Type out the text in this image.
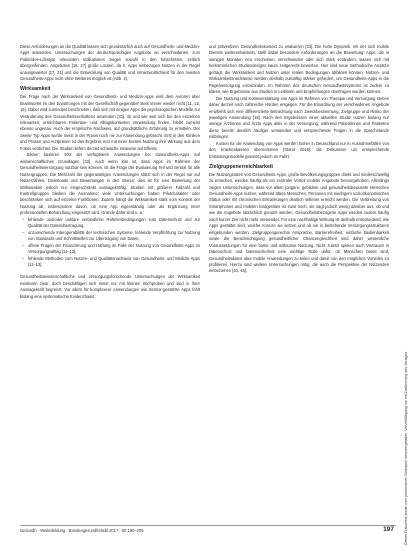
Diese Anforderungen an die Qualität lassen sich grundsätzlich auch auf Gesundheits- und Medizin-Apps anwenden. Untersuchungen der deutschsprachigen Angebote an verschiedenen, zum Publicidee-Lifestyle relevanten Indikationen zeigen sowohl in den fortschritten, zeitlich übergreifenden, Angeboten [16, 27] große Lücken, da h. Apps einbezogen Nutzen in der Regel unausgewertet [17, 31] und die Entwicklung von Qualität und Verantwortlichkeit für den meisten Gesundheits-Apps nicht ohne Weiteres möglich ist (Abb. 2).

Wirksamkeit

Der Frage nach der Wirksamkeit von Gesundheits- und Medizin-Apps wird dem Autoren aber beantwortet im den Erwartungen mit der Gesellschaft gegenüber stets immer wieder nicht [11, 12, 15]. Dabei wird zumindest beschrieben, daß sich mit einigen Apps die psychologischen Modelle zur Veränderung des Gesundheitsverhaltens anwenden [33], ob und wie weit sich bei den einzelnen relevanten, erreichbaren Patienten- und Alltagskontexten Verwendung finden, bleibt zumeist ebenso ungenau. Auch der empirische Nachweis, auf grundsätzliche Erfahrung zu ermitteln. Der zweite Typ Apps wurde meist in der Praxis noch nie zur Anwendung gebracht. Erst in den Kliniken und Praxen und Arztpraxen ist das Ergebnis erst mit einer breiten Nutzung ihre Wirkung aus dem Fokus verdichtet. Die Studien liefern derzeit schwache Hinweise auf Effekte.

Bisher basieren 503 der verfügbaren Anwendungen bei Gesundheits-Apps auf wissenschaftlichen Grundlagen [33]. Auch wenn klar ist, dass Apps im Rahmen der Gesundheitsversorgung nutzbar sein können, ist die Frage der Evaluierung Teil und zentral für alle Nutzergruppen. Die Mehrzahl der gegenwärtigen Anwendungen stützt sich in der Regel nur auf Nutzerzahlen, Downloads und Bewertungen in den Stores; dies ist für eine Bewertung der Wirksamkeit jedoch nur eingeschränkt aussagekräftig. Studien mit größerer Fallzahl und Kontrollgruppen bleiben die Ausnahme; viele Untersuchungen haben Pilotcharakter oder beschränken sich auf einzelne Funktionen. Zudem hängt die Wirksamkeit stark vom Kontext der Nutzung ab, insbesondere davon, ob eine App eigenständig oder als Ergänzung einer professionellen Behandlung eingesetzt wird. Gründe dafür sind u. a.:

– fehlende und/oder unklare verbindliche Rahmenbedingungen zum Datenschutz und zur Qualität der Datenübertragung,
– unzureichende Interoperabilität der technischen Systeme, fehlende Verpflichtung zur Nutzung von Standards und Schnittstellen zur Übertragung von Daten,
– offene Fragen der Finanzierung und Haftung im Falle der Nutzung von Gesundheits-Apps im Versorgungsalltag [11–13],
– fehlende Methoden zum Nutzen- und Qualitätsnachweis von Gesundheits- und Medizin-Apps [11–13].

Gesundheitswissenschaftliche und versorgungsforschende Untersuchungen der Wirksamkeit existieren zwar, doch beschäftigen sich meist nur mit kleinen Stichproben und sind in ihrer Aussagekraft begrenzt. Vor allem für komplexere Anwendungen wie Sensor-gestützte Apps fehlt bislang eine systematische Evidenzbasis.

und präventiven Gesundheitskontext zu evaluieren [33]. Die hohe Dynamik, mit der sich mobile Dienste weiterentwickeln, stellt dabei besondere Anforderungen an die Bewertung: Apps, die in wenigen Monaten neu erscheinen, verschwinden oder sich stark verändern, lassen sich mit herkömmlichen Studiendesigns kaum zeitgerecht bewerten. Hier sind neue methodische Ansätze gefragt, die Wirksamkeit und Nutzen unter realen Bedingungen abbilden können. Nutzen- und Wirksamkeitsnachweise werden deshalb zukünftig stärker gefordert, um Gesundheits-Apps in die Regelversorgung einzubinden. Im Rahmen des deutschen Gesundheitssystems ist zudem zu klären, wie Ergebnisse aus Studien in Leitlinien und Empfehlungen übertragen werden können.

Der Nutzung und Kostenerstattung von Apps im Rahmen von Therapie und Versorgung stehen daher derzeit noch zahlreiche Hürden entgegen. Für die Einordnung der verschiedenen Angebote empfiehlt sich eine differenzierte Betrachtung nach Zweckbestimmung, Zielgruppe und Risiko der jeweiligen Anwendung [18]. Nach den Ergebnissen einer aktuellen Studie nutzen bislang nur wenige Ärztinnen und Ärzte Apps aktiv in der Versorgung, während Patientinnen und Patienten diese bereits deutlich häufiger verwenden und entsprechende Fragen in die Sprechstunde mitbringen.

Kosten für die Anwendung von Apps werden bisher in Deutschland nur in Ausnahmefällen von den Krankenkassen übernommen (Stand 2016); die Diskussion um entsprechende Erstattungsmodelle gewinnt jedoch an Fahrt.

Zielgruppenerreichbarkeit

Die Nutzungsraten von Gesundheits-Apps, große Bevölkerungsgruppen direkt und niederschwellig zu erreichen, werden häufig als ein zentraler Vorteil mobiler Angebote hervorgehoben. Allerdings zeigen Untersuchungen, dass vor allem jüngere, gebildete und gesundheitsbewusste Menschen Gesundheits-Apps nutzen, während ältere Menschen, Personen mit niedrigem sozioökonomischen Status oder mit chronischen Erkrankungen deutlich seltener erreicht werden. Die Verbreitung von Smartphones und mobilen Endgeräten ist zwar hoch, sie sagt jedoch wenig darüber aus, ob und wie die Angebote tatsächlich genutzt werden. Gesundheitsbezogene Apps werden zudem häufig nach kurzer Zeit nicht mehr verwendet. Für eine nachhaltige Wirkung ist deshalb entscheidend, wie Apps gestaltet sind, welche Anreize sie setzen und ob sie in bestehende Versorgungsstrukturen eingebunden werden. Zielgruppengerechte Ansprache, Barrierefreiheit, einfache Bedienbarkeit sowie die Berücksichtigung gesundheitlicher Chancengleichheit sind daher wesentliche Voraussetzungen für eine breite und wirksame Nutzung. Nicht zuletzt spielen auch Vertrauen in Datenschutz und Datensicherheit eine wichtige Rolle dafür, ob Menschen bereit sind, Gesundheitsdaten über mobile Anwendungen zu teilen und damit von den möglichen Vorteilen zu profitieren. Hierzu sind weitere Untersuchungen nötig, die auch die Perspektive der Nutzenden einbeziehen [40, 45].

Gesundh · Weiterbildung · Bundesgesundheitsbl 2017 · 60:190–205	197	Dieses Dokument wurde zum persönlichen Gebrauch heruntergeladen. Vervielfältigung nur mit Zustimmung des Verlages.
